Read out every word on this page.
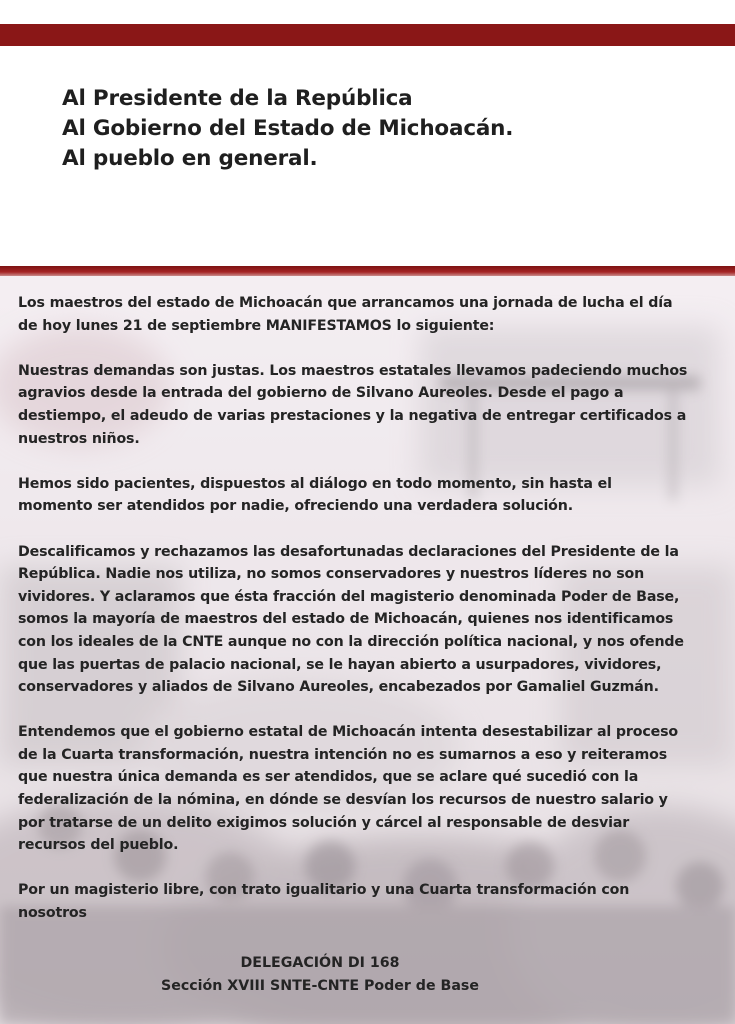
Al Presidente de la República
Al Gobierno del Estado de Michoacán.
Al pueblo en general.

Los maestros del estado de Michoacán que arrancamos una jornada de lucha el día
de hoy lunes 21 de septiembre MANIFESTAMOS lo siguiente:

Nuestras demandas son justas. Los maestros estatales llevamos padeciendo muchos
agravios desde la entrada del gobierno de Silvano Aureoles. Desde el pago a
destiempo, el adeudo de varias prestaciones y la negativa de entregar certificados a
nuestros niños.

Hemos sido pacientes, dispuestos al diálogo en todo momento, sin hasta el
momento ser atendidos por nadie, ofreciendo una verdadera solución.

Descalificamos y rechazamos las desafortunadas declaraciones del Presidente de la
República. Nadie nos utiliza, no somos conservadores y nuestros líderes no son
vividores. Y aclaramos que ésta fracción del magisterio denominada Poder de Base,
somos la mayoría de maestros del estado de Michoacán, quienes nos identificamos
con los ideales de la CNTE aunque no con la dirección política nacional, y nos ofende
que las puertas de palacio nacional, se le hayan abierto a usurpadores, vividores,
conservadores y aliados de Silvano Aureoles, encabezados por Gamaliel Guzmán.

Entendemos que el gobierno estatal de Michoacán intenta desestabilizar al proceso
de la Cuarta transformación, nuestra intención no es sumarnos a eso y reiteramos
que nuestra única demanda es ser atendidos, que se aclare qué sucedió con la
federalización de la nómina, en dónde se desvían los recursos de nuestro salario y
por tratarse de un delito exigimos solución y cárcel al responsable de desviar
recursos del pueblo.

Por un magisterio libre, con trato igualitario y una Cuarta transformación con
nosotros

DELEGACIÓN DI 168
Sección XVIII SNTE-CNTE Poder de Base
